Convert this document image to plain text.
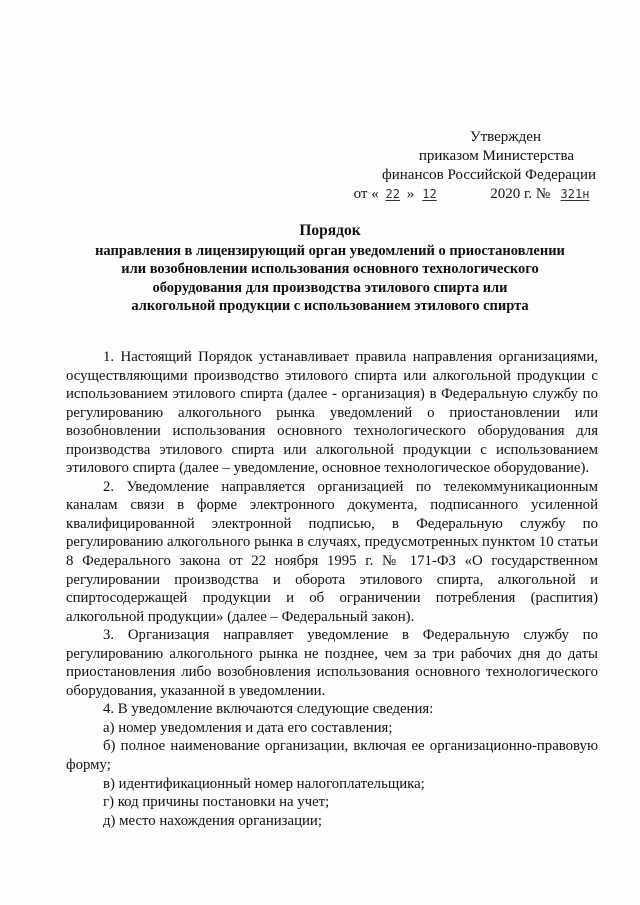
Утвержден
приказом Министерства
финансов Российской Федерации
от « 22 » 12	2020 г. № 321н
Порядок
направления в лицензирующий орган уведомлений о приостановлении
или возобновлении использования основного технологического
оборудования для производства этилового спирта или
алкогольной продукции с использованием этилового спирта

1. Настоящий Порядок устанавливает правила направления организациями, осуществляющими производство этилового спирта или алкогольной продукции с использованием этилового спирта (далее - организация) в Федеральную службу по регулированию алкогольного рынка уведомлений о приостановлении или возобновлении использования основного технологического оборудования для производства этилового спирта или алкогольной продукции с использованием этилового спирта (далее – уведомление, основное технологическое оборудование).

2. Уведомление направляется организацией по телекоммуникационным каналам связи в форме электронного документа, подписанного усиленной квалифицированной электронной подписью, в Федеральную службу по регулированию алкогольного рынка в случаях, предусмотренных пунктом 10 статьи 8 Федерального закона от 22 ноября 1995 г. № 171-ФЗ «О государственном регулировании производства и оборота этилового спирта, алкогольной и спиртосодержащей продукции и об ограничении потребления (распития) алкогольной продукции» (далее – Федеральный закон).

3. Организация направляет уведомление в Федеральную службу по регулированию алкогольного рынка не позднее, чем за три рабочих дня до даты приостановления либо возобновления использования основного технологического оборудования, указанной в уведомлении.

4. В уведомление включаются следующие сведения:

а) номер уведомления и дата его составления;

б) полное наименование организации, включая ее организационно-правовую форму;

в) идентификационный номер налогоплательщика;

г) код причины постановки на учет;

д) место нахождения организации;
